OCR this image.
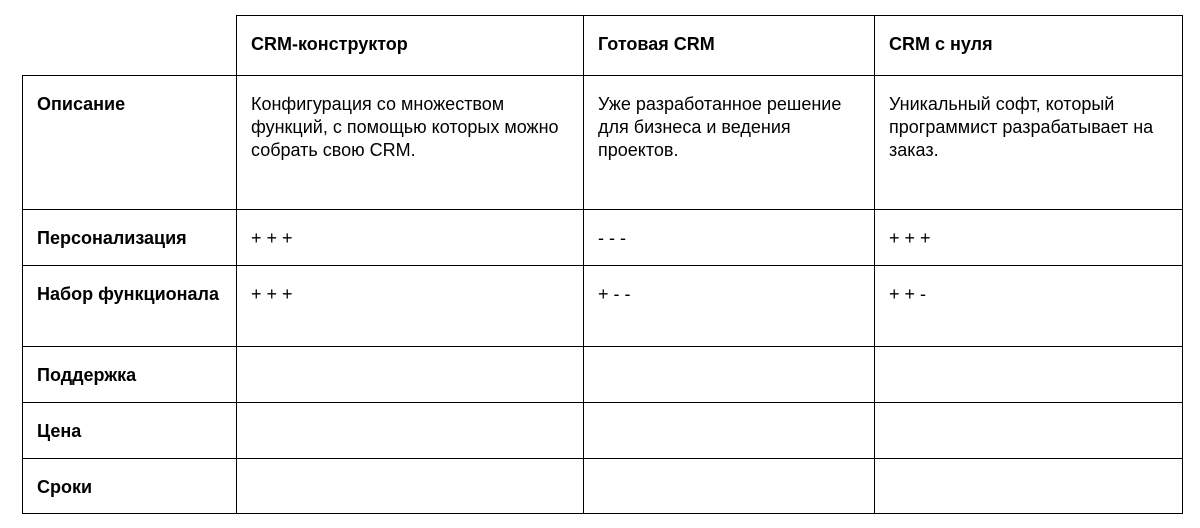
	CRM-конструктор	Готовая CRM	CRM с нуля
Описание	Конфигурация со множеством функций, с помощью которых можно собрать свою CRM.	Уже разработанное решение для бизнеса и ведения проектов.	Уникальный софт, который программист разрабатывает на заказ.
Персонализация	+ + +	- - -	+ + +
Набор функционала	+ + +	+ - -	+ + -
Поддержка			
Цена			
Сроки			
